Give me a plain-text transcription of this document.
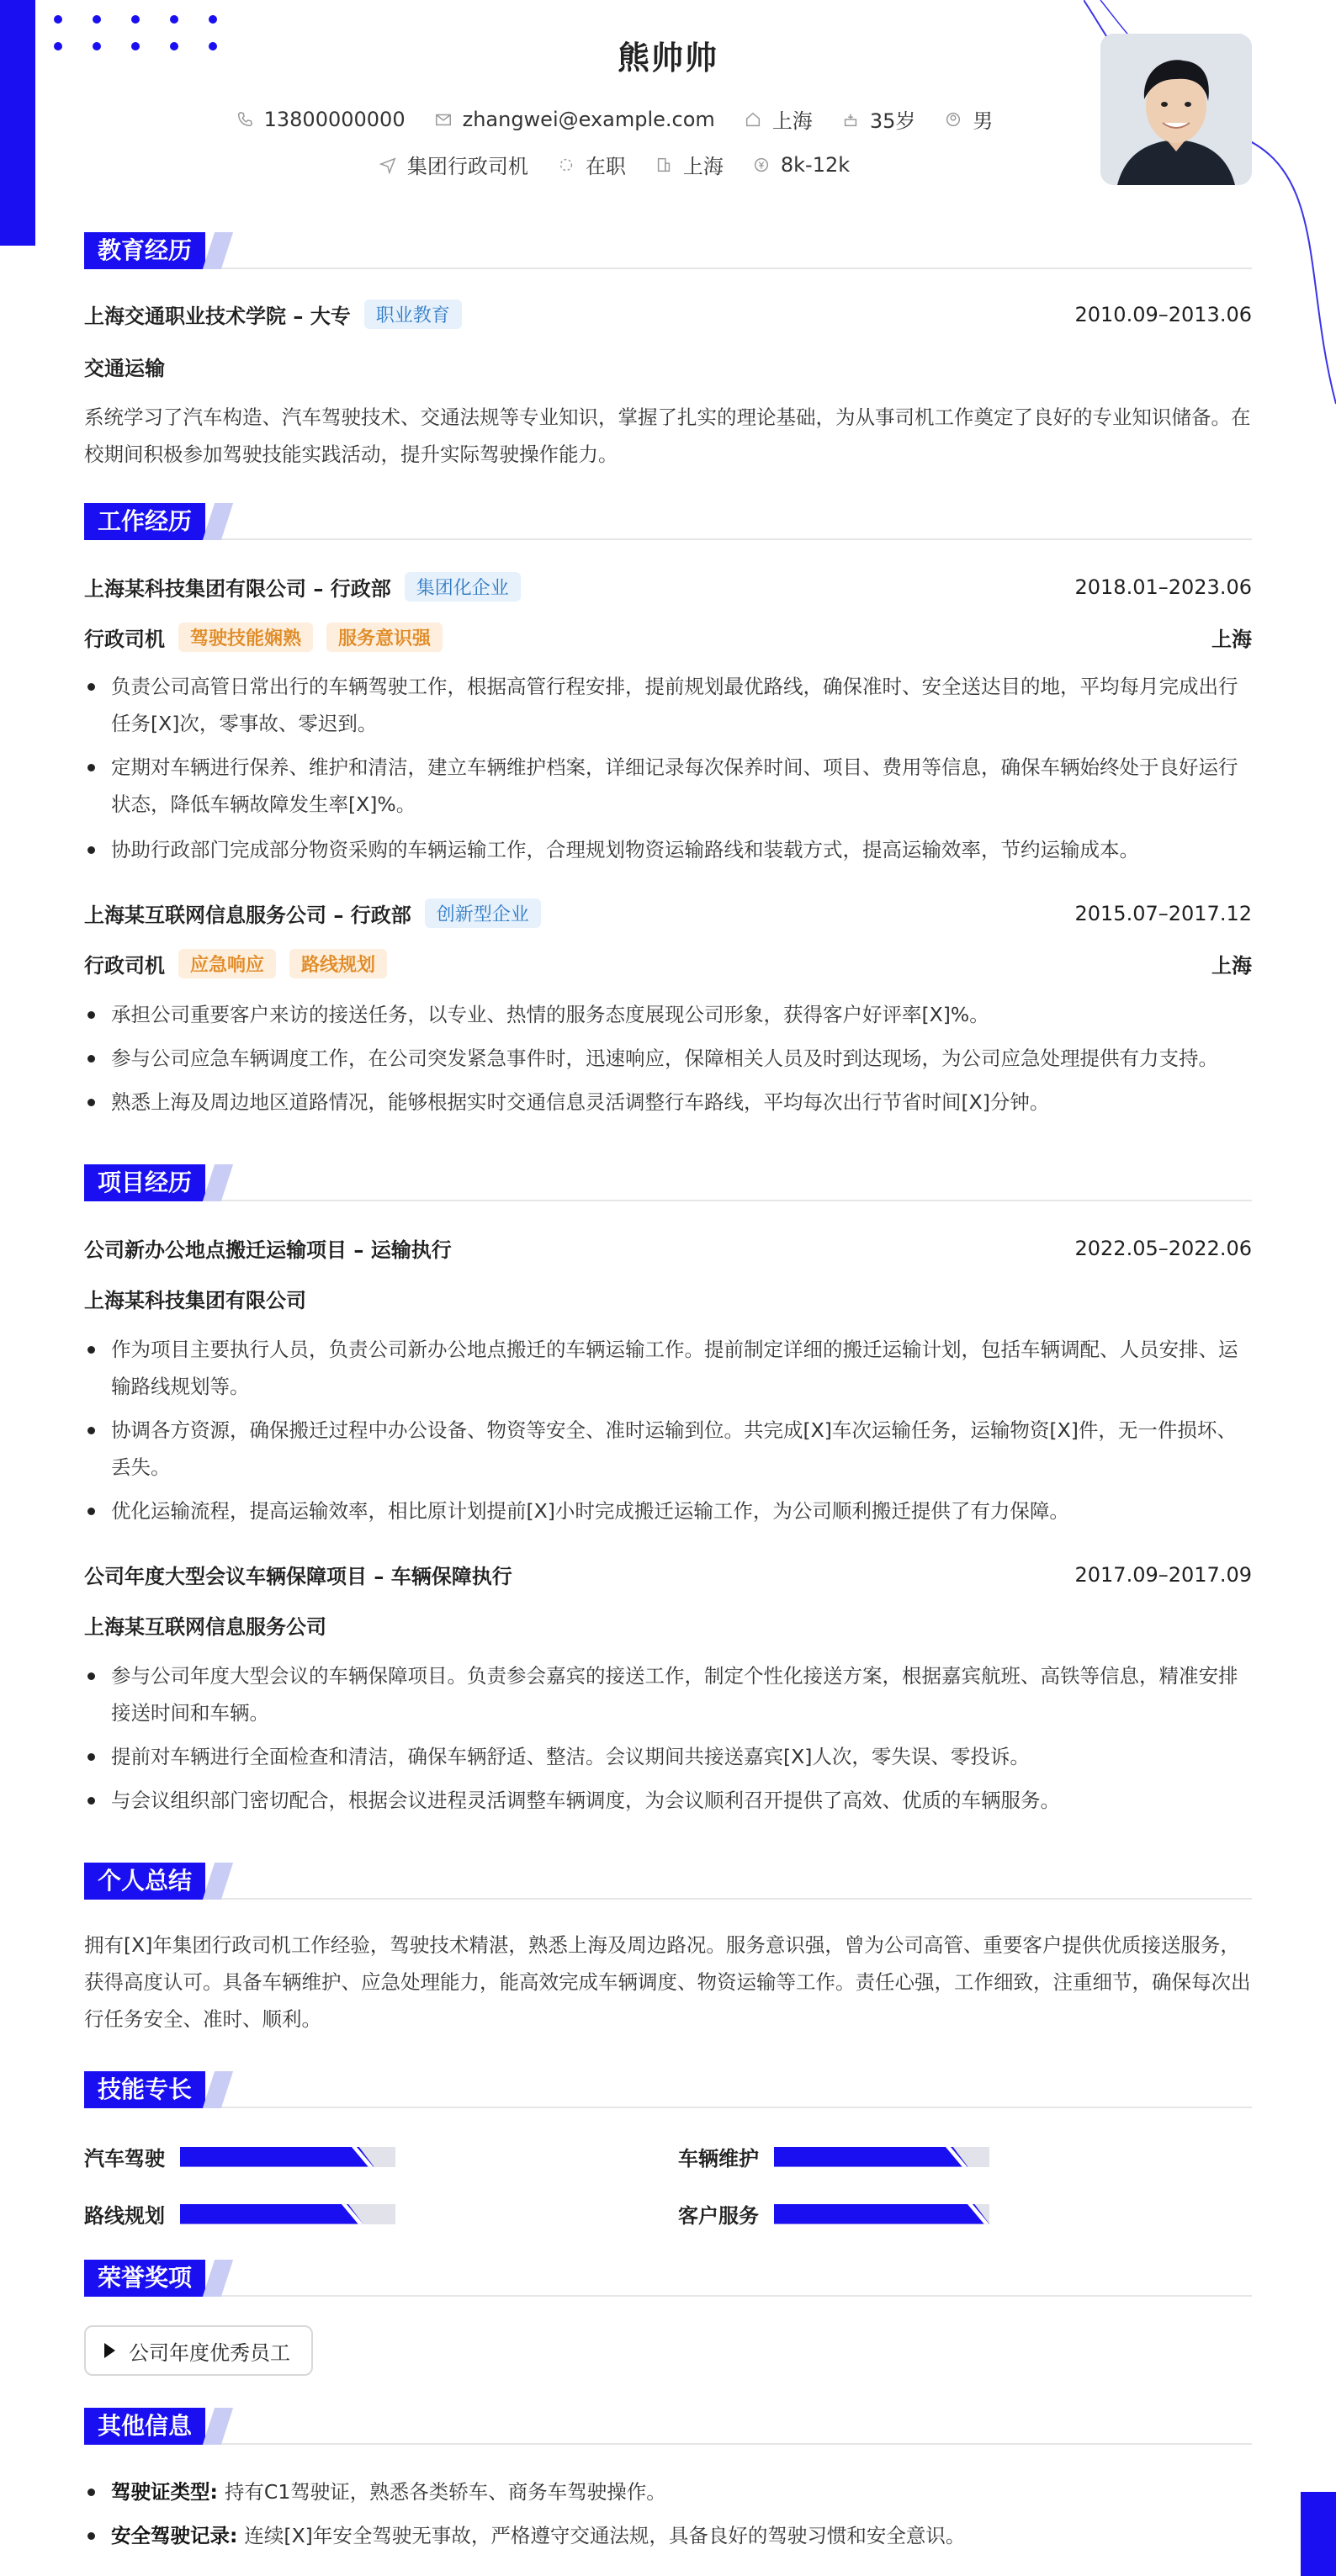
熊帅帅
13800000000	zhangwei@example.com	上海	35岁	男
集团行政司机	在职	上海	8k-12k
教育经历
上海交通职业技术学院 – 大专	职业教育	2010.09–2013.06
交通运输
系统学习了汽车构造、汽车驾驶技术、交通法规等专业知识，掌握了扎实的理论基础，为从事司机工作奠定了良好的专业知识储备。在校期间积极参加驾驶技能实践活动，提升实际驾驶操作能力。
工作经历
上海某科技集团有限公司 – 行政部	集团化企业	2018.01–2023.06
行政司机	驾驶技能娴熟	服务意识强	上海
负责公司高管日常出行的车辆驾驶工作，根据高管行程安排，提前规划最优路线，确保准时、安全送达目的地，平均每月完成出行任务[X]次，零事故、零迟到。
定期对车辆进行保养、维护和清洁，建立车辆维护档案，详细记录每次保养时间、项目、费用等信息，确保车辆始终处于良好运行状态，降低车辆故障发生率[X]%。
协助行政部门完成部分物资采购的车辆运输工作，合理规划物资运输路线和装载方式，提高运输效率，节约运输成本。
上海某互联网信息服务公司 – 行政部	创新型企业	2015.07–2017.12
行政司机	应急响应	路线规划	上海
承担公司重要客户来访的接送任务，以专业、热情的服务态度展现公司形象，获得客户好评率[X]%。
参与公司应急车辆调度工作，在公司突发紧急事件时，迅速响应，保障相关人员及时到达现场，为公司应急处理提供有力支持。
熟悉上海及周边地区道路情况，能够根据实时交通信息灵活调整行车路线，平均每次出行节省时间[X]分钟。
项目经历
公司新办公地点搬迁运输项目 – 运输执行	2022.05–2022.06
上海某科技集团有限公司
作为项目主要执行人员，负责公司新办公地点搬迁的车辆运输工作。提前制定详细的搬迁运输计划，包括车辆调配、人员安排、运输路线规划等。
协调各方资源，确保搬迁过程中办公设备、物资等安全、准时运输到位。共完成[X]车次运输任务，运输物资[X]件，无一件损坏、丢失。
优化运输流程，提高运输效率，相比原计划提前[X]小时完成搬迁运输工作，为公司顺利搬迁提供了有力保障。
公司年度大型会议车辆保障项目 – 车辆保障执行	2017.09–2017.09
上海某互联网信息服务公司
参与公司年度大型会议的车辆保障项目。负责参会嘉宾的接送工作，制定个性化接送方案，根据嘉宾航班、高铁等信息，精准安排接送时间和车辆。
提前对车辆进行全面检查和清洁，确保车辆舒适、整洁。会议期间共接送嘉宾[X]人次，零失误、零投诉。
与会议组织部门密切配合，根据会议进程灵活调整车辆调度，为会议顺利召开提供了高效、优质的车辆服务。
个人总结
拥有[X]年集团行政司机工作经验，驾驶技术精湛，熟悉上海及周边路况。服务意识强，曾为公司高管、重要客户提供优质接送服务，获得高度认可。具备车辆维护、应急处理能力，能高效完成车辆调度、物资运输等工作。责任心强，工作细致，注重细节，确保每次出行任务安全、准时、顺利。
技能专长
汽车驾驶	车辆维护
路线规划	客户服务
荣誉奖项
公司年度优秀员工
其他信息
驾驶证类型: 持有C1驾驶证，熟悉各类轿车、商务车驾驶操作。
安全驾驶记录: 连续[X]年安全驾驶无事故，严格遵守交通法规，具备良好的驾驶习惯和安全意识。
